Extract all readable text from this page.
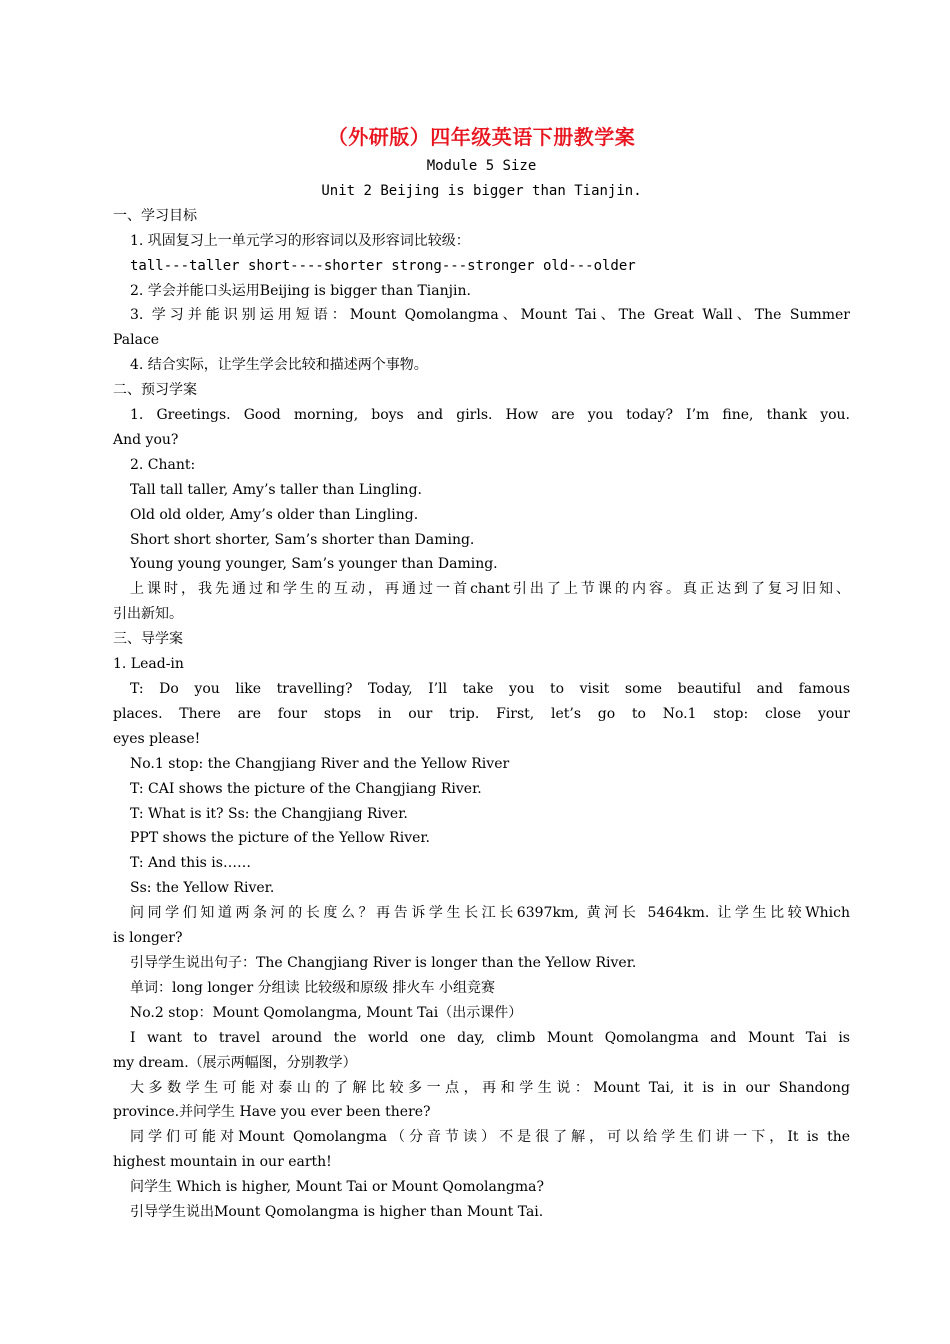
（外研版）四年级英语下册教学案
Module 5 Size
Unit 2 Beijing is bigger than Tianjin.
一、学习目标
1. 巩固复习上一单元学习的形容词以及形容词比较级：
tall---taller short----shorter strong---stronger old---older
2. 学会并能口头运用Beijing is bigger than Tianjin.
3. 学习并能识别运用短语：Mount Qomolangma、Mount Tai、The Great Wall、The Summer
Palace
4. 结合实际，让学生学会比较和描述两个事物。
二、预习学案
1. Greetings. Good morning, boys and girls. How are you today? I’m fine, thank you.
And you?
2. Chant:
Tall tall taller, Amy’s taller than Lingling.
Old old older, Amy’s older than Lingling.
Short short shorter, Sam’s shorter than Daming.
Young young younger, Sam’s younger than Daming.
上课时，我先通过和学生的互动，再通过一首chant引出了上节课的内容。真正达到了复习旧知、
引出新知。
三、导学案
1. Lead-in
T: Do you like travelling? Today, I’ll take you to visit some beautiful and famous
places. There are four stops in our trip. First, let’s go to No.1 stop: close your
eyes please!
No.1 stop: the Changjiang River and the Yellow River
T: CAI shows the picture of the Changjiang River.
T: What is it? Ss: the Changjiang River.
PPT shows the picture of the Yellow River.
T: And this is……
Ss: the Yellow River.
问同学们知道两条河的长度么？再告诉学生长江长6397km, 黄河长 5464km. 让学生比较Which
is longer?
引导学生说出句子：The Changjiang River is longer than the Yellow River.
单词：long longer 分组读 比较级和原级 排火车 小组竞赛
No.2 stop：Mount Qomolangma, Mount Tai（出示课件）
I want to travel around the world one day, climb Mount Qomolangma and Mount Tai is
my dream.（展示两幅图，分别教学）
大多数学生可能对泰山的了解比较多一点，再和学生说：Mount Tai, it is in our Shandong
province.并问学生 Have you ever been there?
同学们可能对Mount Qomolangma（分音节读）不是很了解，可以给学生们讲一下，It is the
highest mountain in our earth!
问学生 Which is higher, Mount Tai or Mount Qomolangma?
引导学生说出Mount Qomolangma is higher than Mount Tai.
